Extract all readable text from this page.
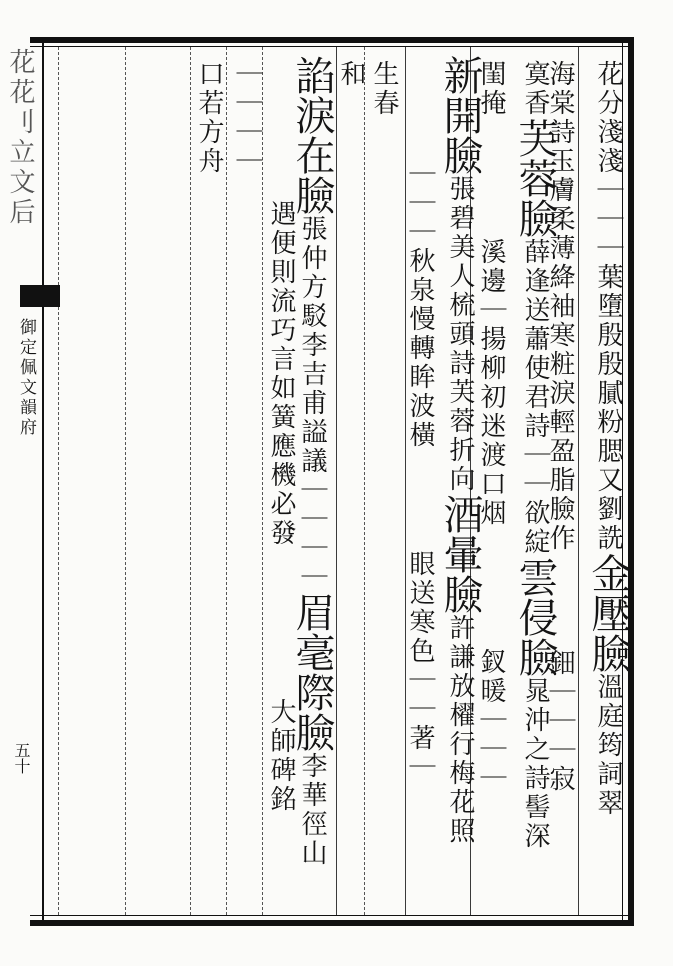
花花刂立文后
御定佩文韻府
五十
花分淺淺｜｜｜葉墮殷殷膩粉腮又劉詵金壓臉溫庭筠詞翠
海棠詩玉膚柔薄絳袖寒粧淚輕盈脂臉作鈿｜｜｜寂
寞香芙蓉臉薛逢送蕭使君詩｜｜欲綻雲侵臉晁沖之詩髻深
閨掩溪邊｜揚柳初迷渡口烟釵暖｜｜｜
新開臉張碧美人梳頭詩芙蓉折向酒暈臉許謙放櫂行梅花照
｜｜｜秋泉慢轉眸波橫眼送寒色｜｜著｜
生春
和
諂淚在臉張仲方駁李吉甫謚議｜｜｜｜眉毫際臉李華徑山
遇便則流巧言如簧應機必發大師碑銘
｜｜｜｜
口若方舟
